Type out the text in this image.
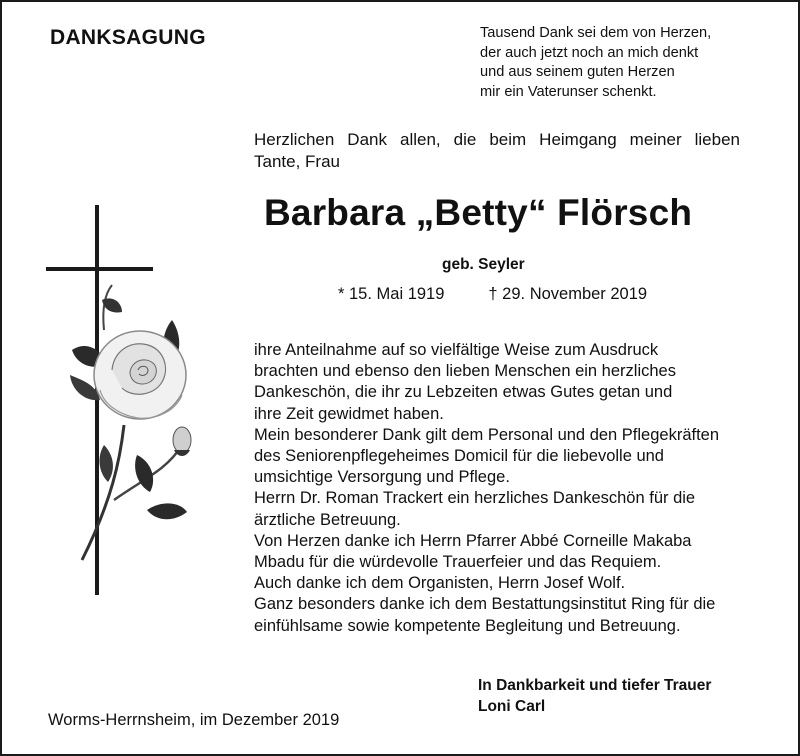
DANKSAGUNG	Tausend Dank sei dem von Herzen,
der auch jetzt noch an mich denkt
und aus seinem guten Herzen
mir ein Vaterunser schenkt.
Herzlichen Dank allen, die beim Heimgang meiner lieben
Tante, Frau
Barbara „Betty“ Flörsch
geb. Seyler
* 15. Mai 1919	† 29. November 2019
ihre Anteilnahme auf so vielfältige Weise zum Ausdruck
brachten und ebenso den lieben Menschen ein herzliches
Dankeschön, die ihr zu Lebzeiten etwas Gutes getan und
ihre Zeit gewidmet haben.
Mein besonderer Dank gilt dem Personal und den Pflegekräften
des Seniorenpflegeheimes Domicil für die liebevolle und
umsichtige Versorgung und Pflege.
Herrn Dr. Roman Trackert ein herzliches Dankeschön für die
ärztliche Betreuung.
Von Herzen danke ich Herrn Pfarrer Abbé Corneille Makaba
Mbadu für die würdevolle Trauerfeier und das Requiem.
Auch danke ich dem Organisten, Herrn Josef Wolf.
Ganz besonders danke ich dem Bestattungsinstitut Ring für die
einfühlsame sowie kompetente Begleitung und Betreuung.
In Dankbarkeit und tiefer Trauer
Loni Carl
Worms-Herrnsheim, im Dezember 2019
